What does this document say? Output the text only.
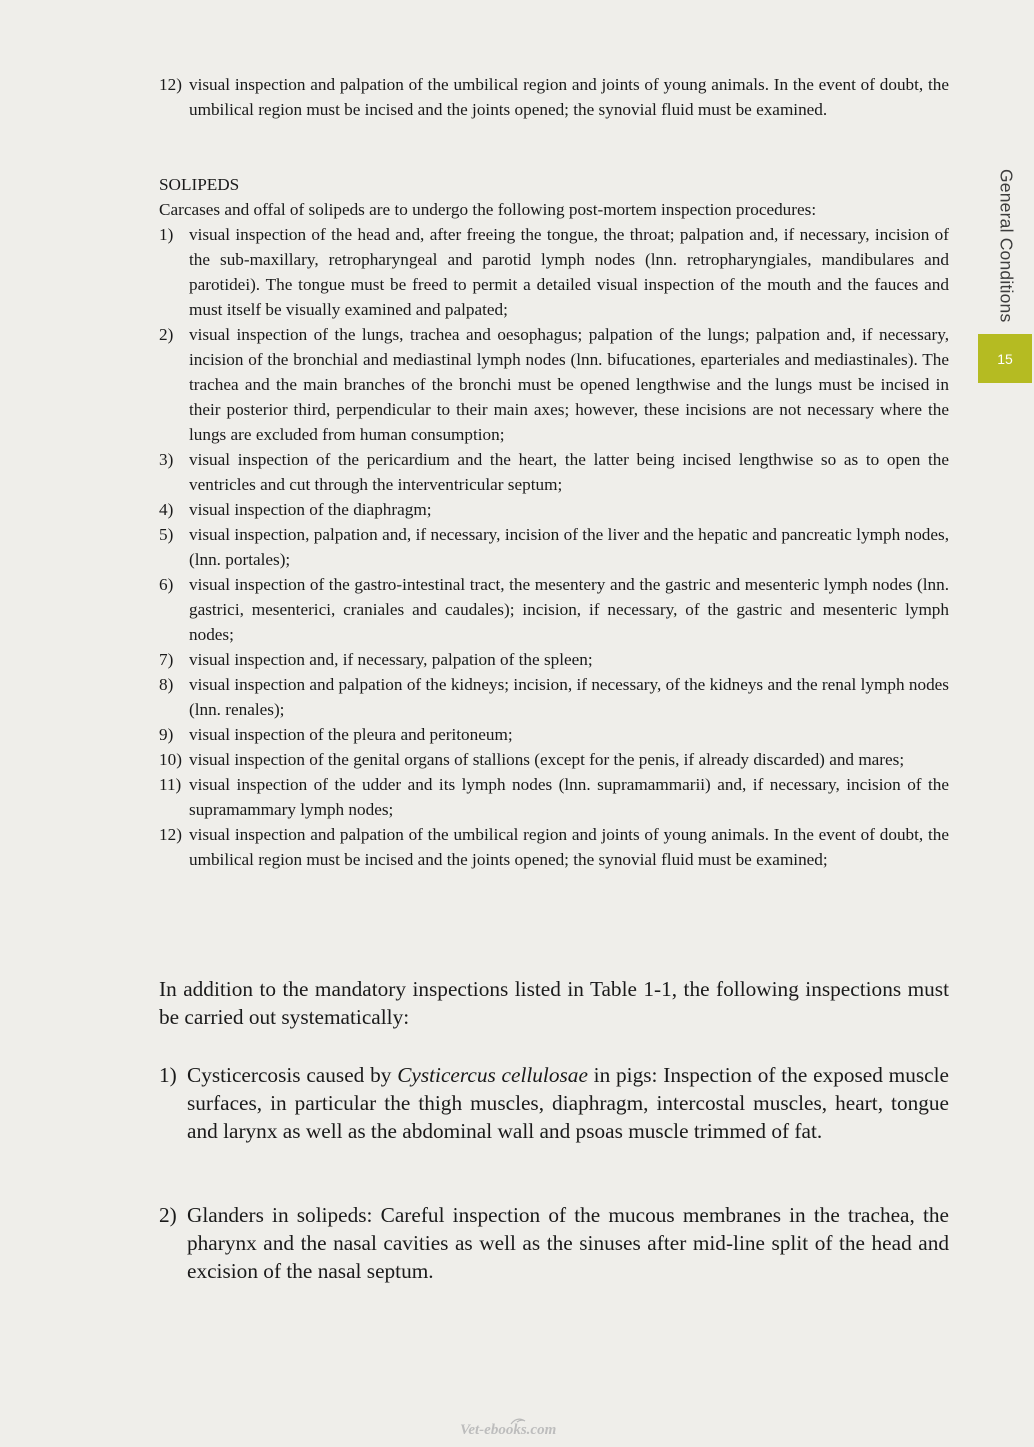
12) visual inspection and palpation of the umbilical region and joints of young animals. In the event of doubt, the umbilical region must be incised and the joints opened; the synovial fluid must be examined.
SOLIPEDS
Carcases and offal of solipeds are to undergo the following post-mortem inspection procedures:
1) visual inspection of the head and, after freeing the tongue, the throat; palpation and, if necessary, incision of the sub-maxillary, retropharyngeal and parotid lymph nodes (lnn. retropharyngiales, mandibulares and parotidei). The tongue must be freed to permit a detailed visual inspection of the mouth and the fauces and must itself be visually examined and palpated;
2) visual inspection of the lungs, trachea and oesophagus; palpation of the lungs; palpation and, if necessary, incision of the bronchial and mediastinal lymph nodes (lnn. bifucationes, eparteriales and mediastinales). The trachea and the main branches of the bronchi must be opened lengthwise and the lungs must be incised in their posterior third, perpendicular to their main axes; however, these incisions are not necessary where the lungs are excluded from human consumption;
3) visual inspection of the pericardium and the heart, the latter being incised lengthwise so as to open the ventricles and cut through the interventricular septum;
4) visual inspection of the diaphragm;
5) visual inspection, palpation and, if necessary, incision of the liver and the hepatic and pancreatic lymph nodes, (lnn. portales);
6) visual inspection of the gastro-intestinal tract, the mesentery and the gastric and mesenteric lymph nodes (lnn. gastrici, mesenterici, craniales and caudales); incision, if necessary, of the gastric and mesenteric lymph nodes;
7) visual inspection and, if necessary, palpation of the spleen;
8) visual inspection and palpation of the kidneys; incision, if necessary, of the kidneys and the renal lymph nodes (lnn. renales);
9) visual inspection of the pleura and peritoneum;
10) visual inspection of the genital organs of stallions (except for the penis, if already discarded) and mares;
11) visual inspection of the udder and its lymph nodes (lnn. supramammarii) and, if necessary, incision of the supramammary lymph nodes;
12) visual inspection and palpation of the umbilical region and joints of young animals. In the event of doubt, the umbilical region must be incised and the joints opened; the synovial fluid must be examined;
In addition to the mandatory inspections listed in Table 1-1, the following inspections must be carried out systematically:
1) Cysticercosis caused by Cysticercus cellulosae in pigs: Inspection of the exposed muscle surfaces, in particular the thigh muscles, diaphragm, intercostal muscles, heart, tongue and larynx as well as the abdominal wall and psoas muscle trimmed of fat.
2) Glanders in solipeds: Careful inspection of the mucous membranes in the trachea, the pharynx and the nasal cavities as well as the sinuses after mid-line split of the head and excision of the nasal septum.
General Conditions
15
Vet-ebooks.com
